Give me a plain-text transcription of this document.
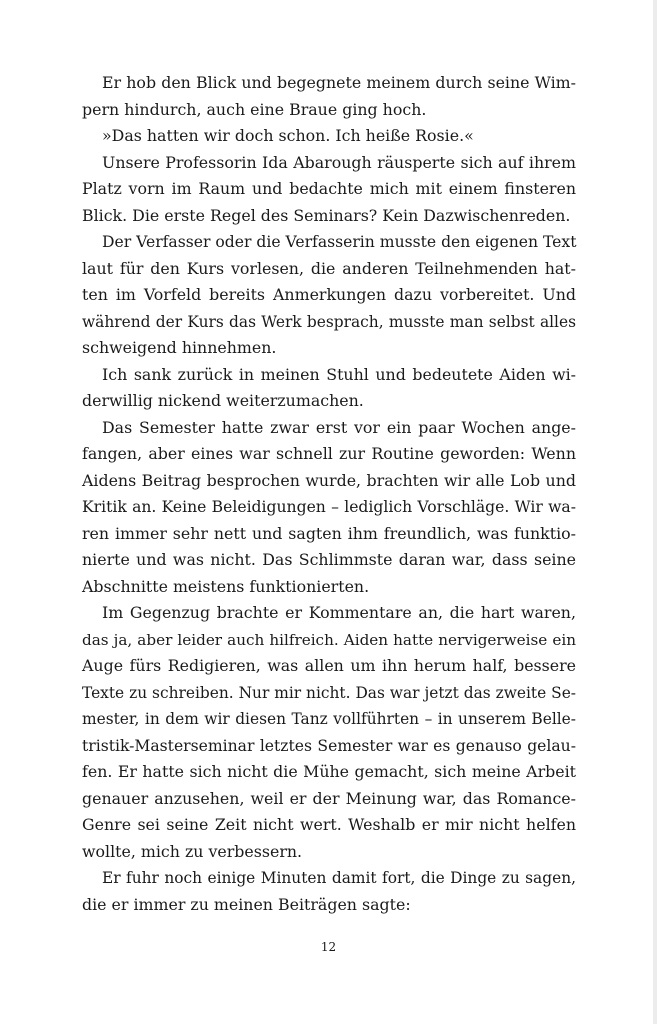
Er hob den Blick und begegnete meinem durch seine Wim-
pern hindurch, auch eine Braue ging hoch.
»Das hatten wir doch schon. Ich heiße Rosie.«
Unsere Professorin Ida Abarough räusperte sich auf ihrem
Platz vorn im Raum und bedachte mich mit einem finsteren
Blick. Die erste Regel des Seminars? Kein Dazwischenreden.
Der Verfasser oder die Verfasserin musste den eigenen Text
laut für den Kurs vorlesen, die anderen Teilnehmenden hat-
ten im Vorfeld bereits Anmerkungen dazu vorbereitet. Und
während der Kurs das Werk besprach, musste man selbst alles
schweigend hinnehmen.
Ich sank zurück in meinen Stuhl und bedeutete Aiden wi-
derwillig nickend weiterzumachen.
Das Semester hatte zwar erst vor ein paar Wochen ange-
fangen, aber eines war schnell zur Routine geworden: Wenn
Aidens Beitrag besprochen wurde, brachten wir alle Lob und
Kritik an. Keine Beleidigungen – lediglich Vorschläge. Wir wa-
ren immer sehr nett und sagten ihm freundlich, was funktio-
nierte und was nicht. Das Schlimmste daran war, dass seine
Abschnitte meistens funktionierten.
Im Gegenzug brachte er Kommentare an, die hart waren,
das ja, aber leider auch hilfreich. Aiden hatte nervigerweise ein
Auge fürs Redigieren, was allen um ihn herum half, bessere
Texte zu schreiben. Nur mir nicht. Das war jetzt das zweite Se-
mester, in dem wir diesen Tanz vollführten – in unserem Belle-
tristik-Masterseminar letztes Semester war es genauso gelau-
fen. Er hatte sich nicht die Mühe gemacht, sich meine Arbeit
genauer anzusehen, weil er der Meinung war, das Romance-
Genre sei seine Zeit nicht wert. Weshalb er mir nicht helfen
wollte, mich zu verbessern.
Er fuhr noch einige Minuten damit fort, die Dinge zu sagen,
die er immer zu meinen Beiträgen sagte:
12
